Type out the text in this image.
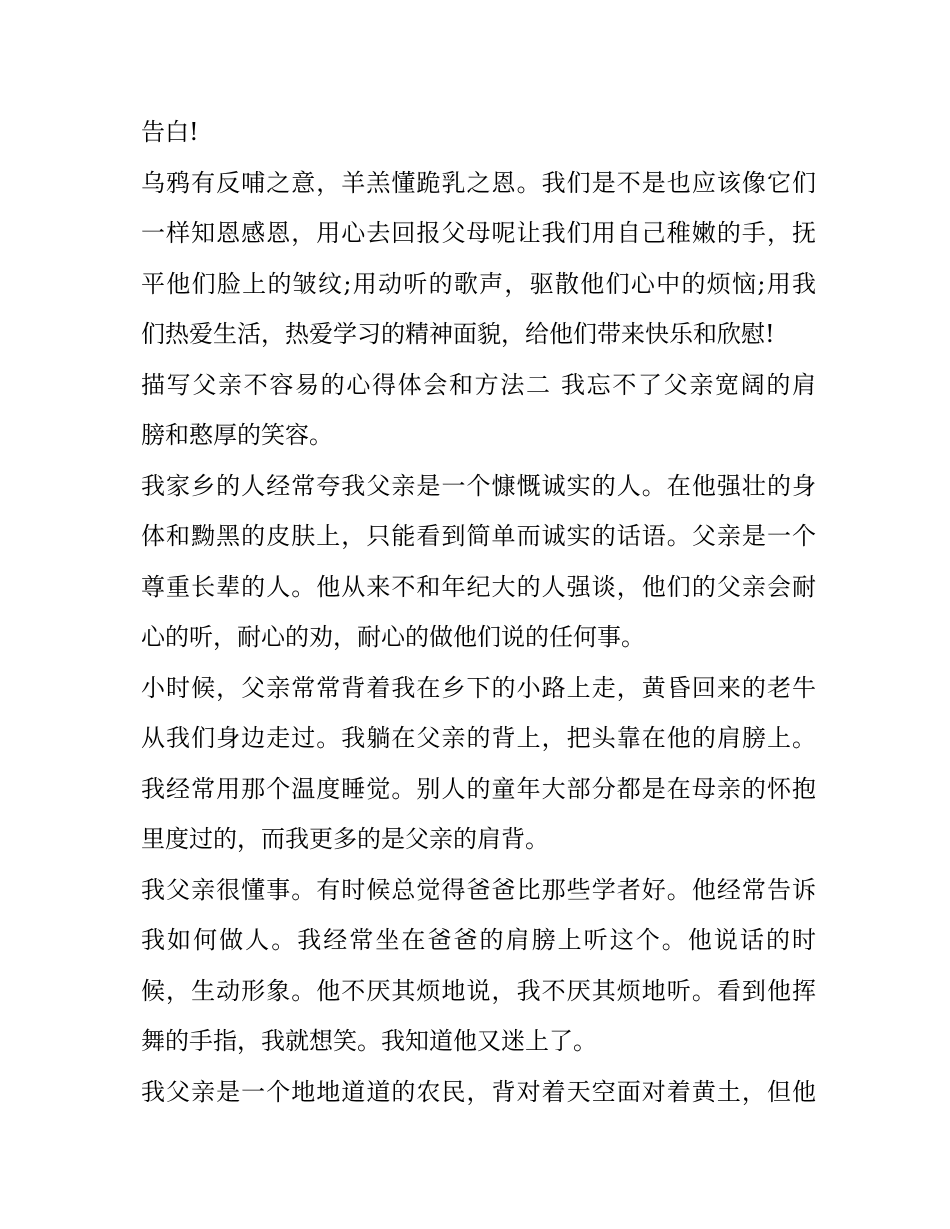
告白!
乌鸦有反哺之意，羊羔懂跪乳之恩。我们是不是也应该像它们
一样知恩感恩，用心去回报父母呢让我们用自己稚嫩的手，抚
平他们脸上的皱纹;用动听的歌声，驱散他们心中的烦恼;用我
们热爱生活，热爱学习的精神面貌，给他们带来快乐和欣慰!
描写父亲不容易的心得体会和方法二 我忘不了父亲宽阔的肩
膀和憨厚的笑容。
我家乡的人经常夸我父亲是一个慷慨诚实的人。在他强壮的身
体和黝黑的皮肤上，只能看到简单而诚实的话语。父亲是一个
尊重长辈的人。他从来不和年纪大的人强谈，他们的父亲会耐
心的听，耐心的劝，耐心的做他们说的任何事。
小时候，父亲常常背着我在乡下的小路上走，黄昏回来的老牛
从我们身边走过。我躺在父亲的背上，把头靠在他的肩膀上。
我经常用那个温度睡觉。别人的童年大部分都是在母亲的怀抱
里度过的，而我更多的是父亲的肩背。
我父亲很懂事。有时候总觉得爸爸比那些学者好。他经常告诉
我如何做人。我经常坐在爸爸的肩膀上听这个。他说话的时
候，生动形象。他不厌其烦地说，我不厌其烦地听。看到他挥
舞的手指，我就想笑。我知道他又迷上了。
我父亲是一个地地道道的农民，背对着天空面对着黄土，但他
